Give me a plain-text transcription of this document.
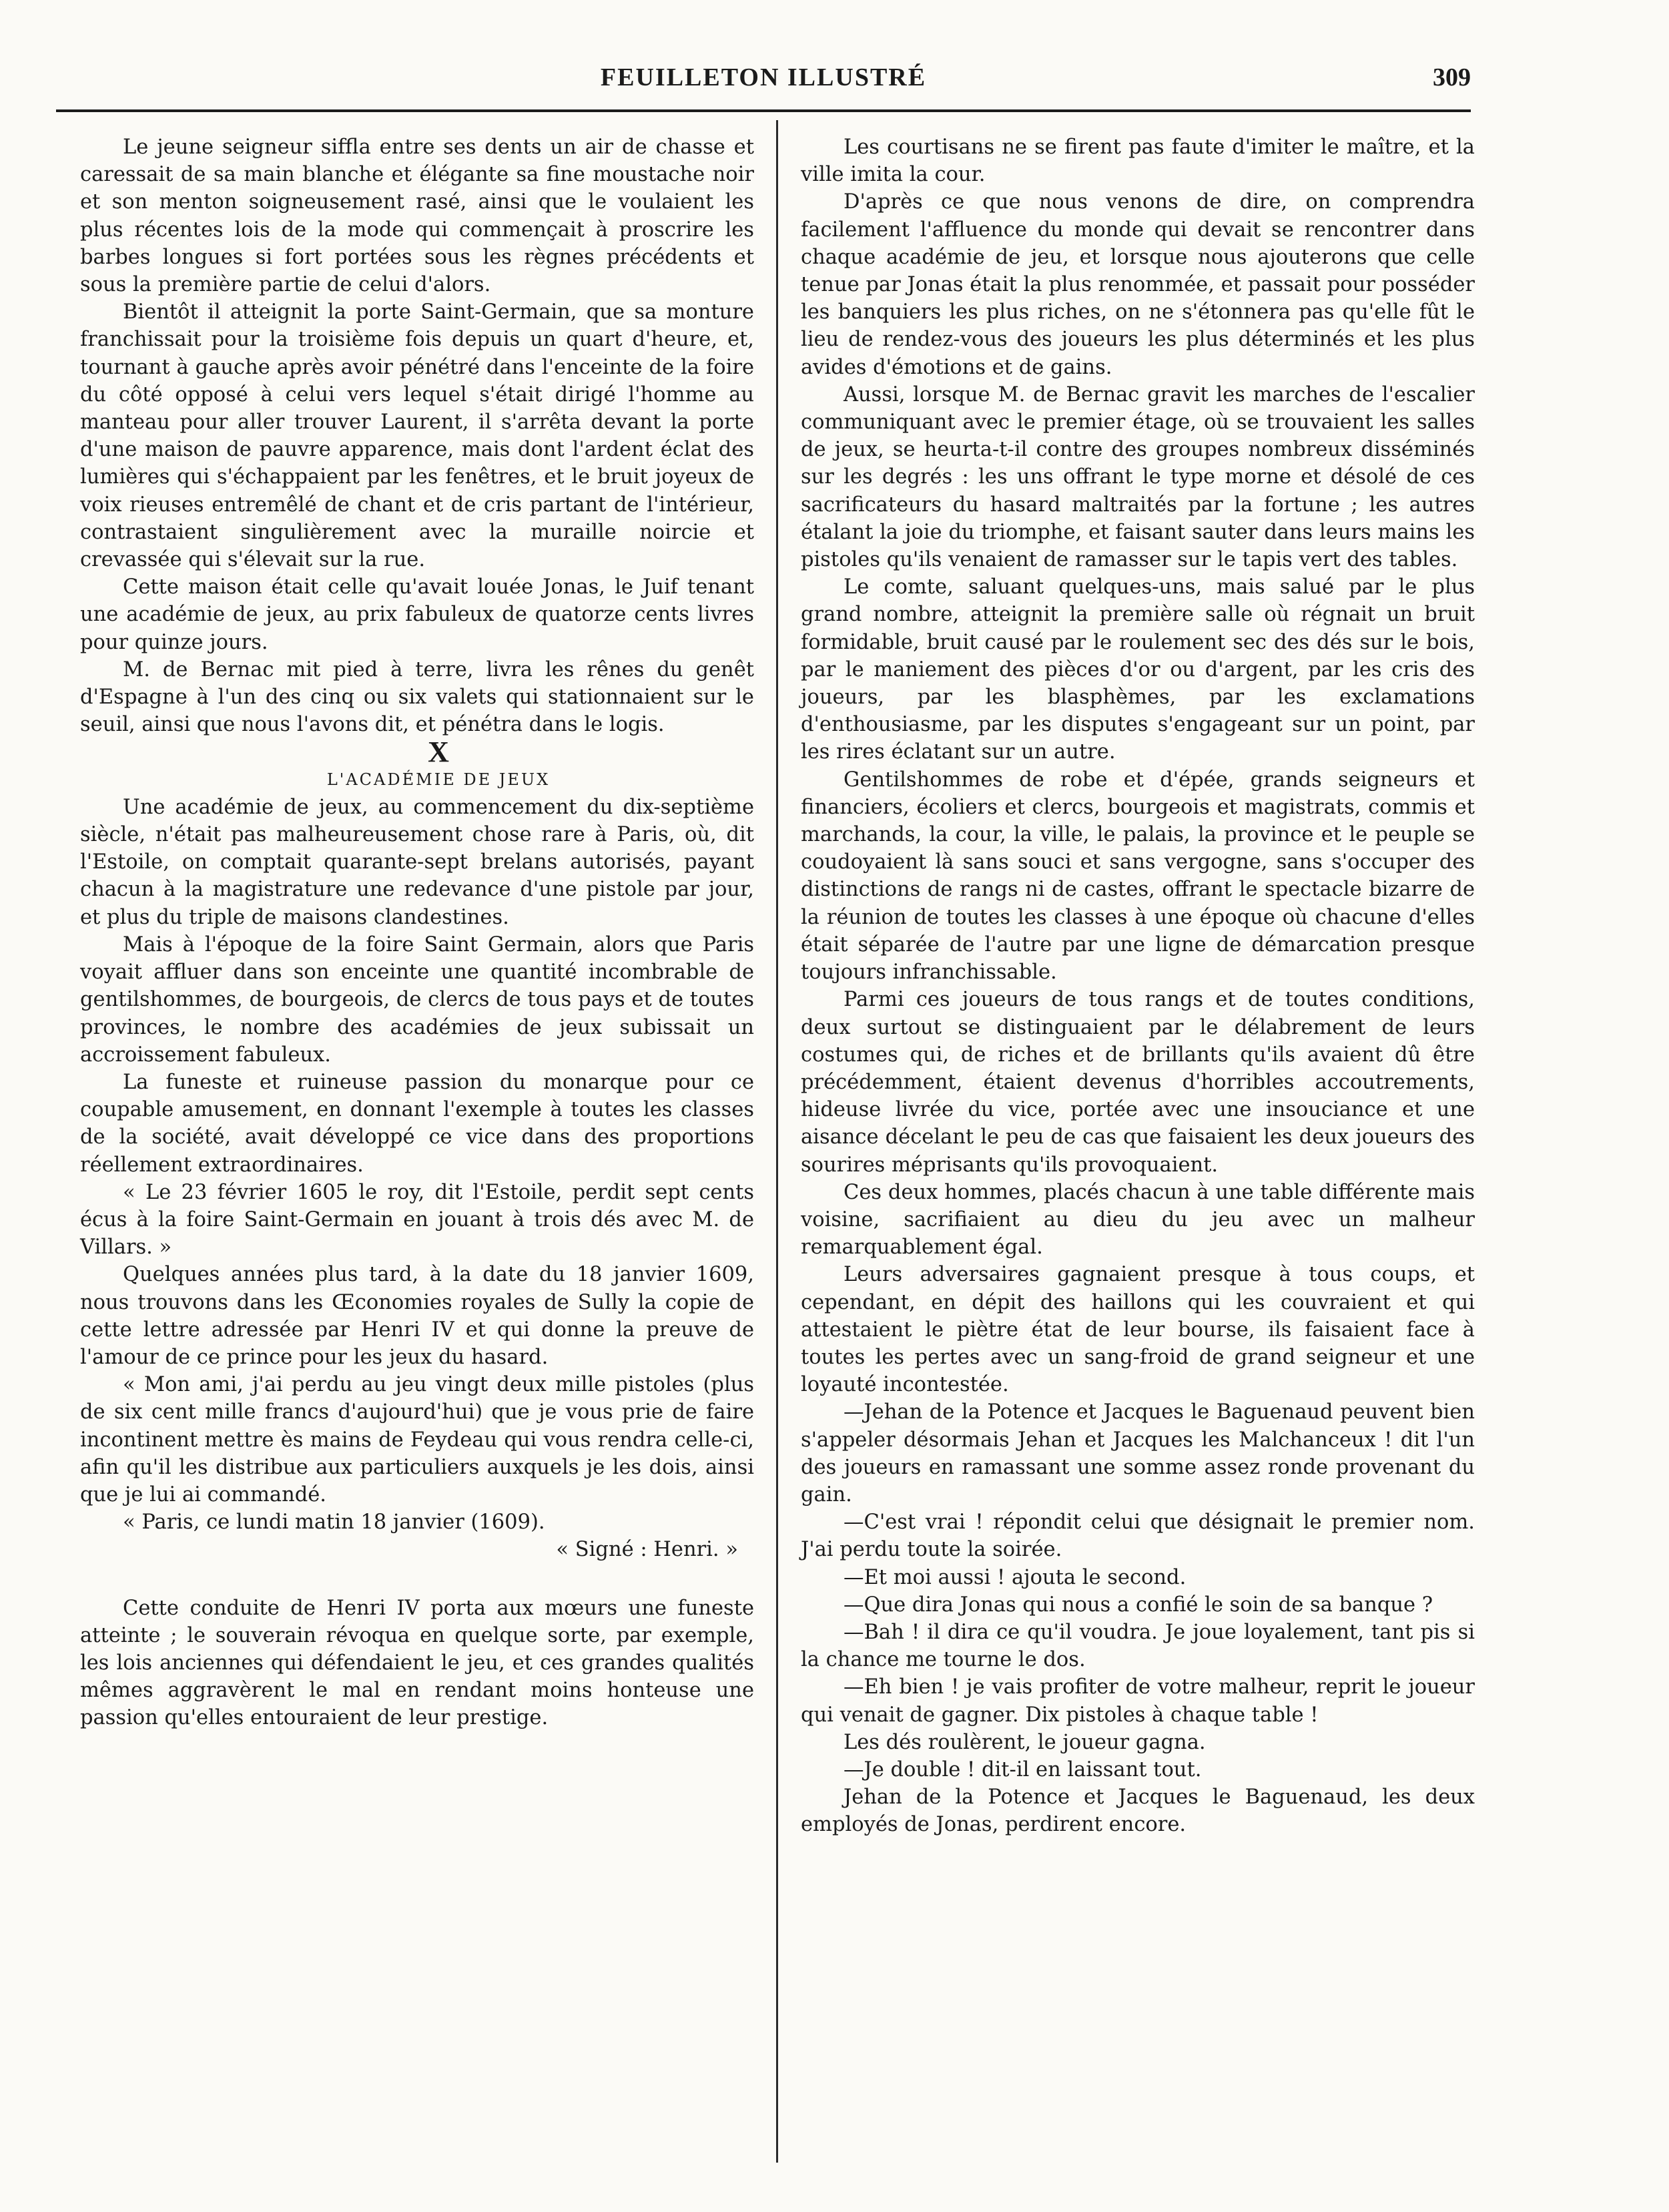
FEUILLETON ILLUSTRÉ	309

Le jeune seigneur siffla entre ses dents un air de chasse et caressait de sa main blanche et élégante sa fine moustache noir et son menton soigneusement rasé, ainsi que le voulaient les plus récentes lois de la mode qui commençait à proscrire les barbes longues si fort portées sous les règnes précédents et sous la première partie de celui d'alors.

Bientôt il atteignit la porte Saint-Germain, que sa monture franchissait pour la troisième fois depuis un quart d'heure, et, tournant à gauche après avoir pénétré dans l'enceinte de la foire du côté opposé à celui vers lequel s'était dirigé l'homme au manteau pour aller trouver Laurent, il s'arrêta devant la porte d'une maison de pauvre apparence, mais dont l'ardent éclat des lumières qui s'échappaient par les fenêtres, et le bruit joyeux de voix rieuses entremêlé de chant et de cris partant de l'intérieur, contrastaient singulièrement avec la muraille noircie et crevassée qui s'élevait sur la rue.

Cette maison était celle qu'avait louée Jonas, le Juif tenant une académie de jeux, au prix fabuleux de quatorze cents livres pour quinze jours.

M. de Bernac mit pied à terre, livra les rênes du genêt d'Espagne à l'un des cinq ou six valets qui stationnaient sur le seuil, ainsi que nous l'avons dit, et pénétra dans le logis.

X

L'ACADÉMIE DE JEUX

Une académie de jeux, au commencement du dix-septième siècle, n'était pas malheureusement chose rare à Paris, où, dit l'Estoile, on comptait quarante-sept brelans autorisés, payant chacun à la magistrature une redevance d'une pistole par jour, et plus du triple de maisons clandestines.

Mais à l'époque de la foire Saint Germain, alors que Paris voyait affluer dans son enceinte une quantité incombrable de gentilshommes, de bourgeois, de clercs de tous pays et de toutes provinces, le nombre des académies de jeux subissait un accroissement fabuleux.

La funeste et ruineuse passion du monarque pour ce coupable amusement, en donnant l'exemple à toutes les classes de la société, avait développé ce vice dans des proportions réellement extraordinaires.

« Le 23 février 1605 le roy, dit l'Estoile, perdit sept cents écus à la foire Saint-Germain en jouant à trois dés avec M. de Villars. »

Quelques années plus tard, à la date du 18 janvier 1609, nous trouvons dans les Œconomies royales de Sully la copie de cette lettre adressée par Henri IV et qui donne la preuve de l'amour de ce prince pour les jeux du hasard.

« Mon ami, j'ai perdu au jeu vingt deux mille pistoles (plus de six cent mille francs d'aujourd'hui) que je vous prie de faire incontinent mettre ès mains de Feydeau qui vous rendra celle-ci, afin qu'il les distribue aux particuliers auxquels je les dois, ainsi que je lui ai commandé.

« Paris, ce lundi matin 18 janvier (1609).

« Signé : Henri. »

Cette conduite de Henri IV porta aux mœurs une funeste atteinte ; le souverain révoqua en quelque sorte, par exemple, les lois anciennes qui défendaient le jeu, et ces grandes qualités mêmes aggravèrent le mal en rendant moins honteuse une passion qu'elles entouraient de leur prestige.

Les courtisans ne se firent pas faute d'imiter le maître, et la ville imita la cour.

D'après ce que nous venons de dire, on comprendra facilement l'affluence du monde qui devait se rencontrer dans chaque académie de jeu, et lorsque nous ajouterons que celle tenue par Jonas était la plus renommée, et passait pour posséder les banquiers les plus riches, on ne s'étonnera pas qu'elle fût le lieu de rendez-vous des joueurs les plus déterminés et les plus avides d'émotions et de gains.

Aussi, lorsque M. de Bernac gravit les marches de l'escalier communiquant avec le premier étage, où se trouvaient les salles de jeux, se heurta-t-il contre des groupes nombreux disséminés sur les degrés : les uns offrant le type morne et désolé de ces sacrificateurs du hasard maltraités par la fortune ; les autres étalant la joie du triomphe, et faisant sauter dans leurs mains les pistoles qu'ils venaient de ramasser sur le tapis vert des tables.

Le comte, saluant quelques-uns, mais salué par le plus grand nombre, atteignit la première salle où régnait un bruit formidable, bruit causé par le roulement sec des dés sur le bois, par le maniement des pièces d'or ou d'argent, par les cris des joueurs, par les blasphèmes, par les exclamations d'enthousiasme, par les disputes s'engageant sur un point, par les rires éclatant sur un autre.

Gentilshommes de robe et d'épée, grands seigneurs et financiers, écoliers et clercs, bourgeois et magistrats, commis et marchands, la cour, la ville, le palais, la province et le peuple se coudoyaient là sans souci et sans vergogne, sans s'occuper des distinctions de rangs ni de castes, offrant le spectacle bizarre de la réunion de toutes les classes à une époque où chacune d'elles était séparée de l'autre par une ligne de démarcation presque toujours infranchissable.

Parmi ces joueurs de tous rangs et de toutes conditions, deux surtout se distinguaient par le délabrement de leurs costumes qui, de riches et de brillants qu'ils avaient dû être précédemment, étaient devenus d'horribles accoutrements, hideuse livrée du vice, portée avec une insouciance et une aisance décelant le peu de cas que faisaient les deux joueurs des sourires méprisants qu'ils provoquaient.

Ces deux hommes, placés chacun à une table différente mais voisine, sacrifiaient au dieu du jeu avec un malheur remarquablement égal.

Leurs adversaires gagnaient presque à tous coups, et cependant, en dépit des haillons qui les couvraient et qui attestaient le piètre état de leur bourse, ils faisaient face à toutes les pertes avec un sang-froid de grand seigneur et une loyauté incontestée.

—Jehan de la Potence et Jacques le Baguenaud peuvent bien s'appeler désormais Jehan et Jacques les Malchanceux ! dit l'un des joueurs en ramassant une somme assez ronde provenant du gain.

—C'est vrai ! répondit celui que désignait le premier nom. J'ai perdu toute la soirée.

—Et moi aussi ! ajouta le second.

—Que dira Jonas qui nous a confié le soin de sa banque ?

—Bah ! il dira ce qu'il voudra. Je joue loyalement, tant pis si la chance me tourne le dos.

—Eh bien ! je vais profiter de votre malheur, reprit le joueur qui venait de gagner. Dix pistoles à chaque table !

Les dés roulèrent, le joueur gagna.

—Je double ! dit-il en laissant tout.

Jehan de la Potence et Jacques le Baguenaud, les deux employés de Jonas, perdirent encore.
